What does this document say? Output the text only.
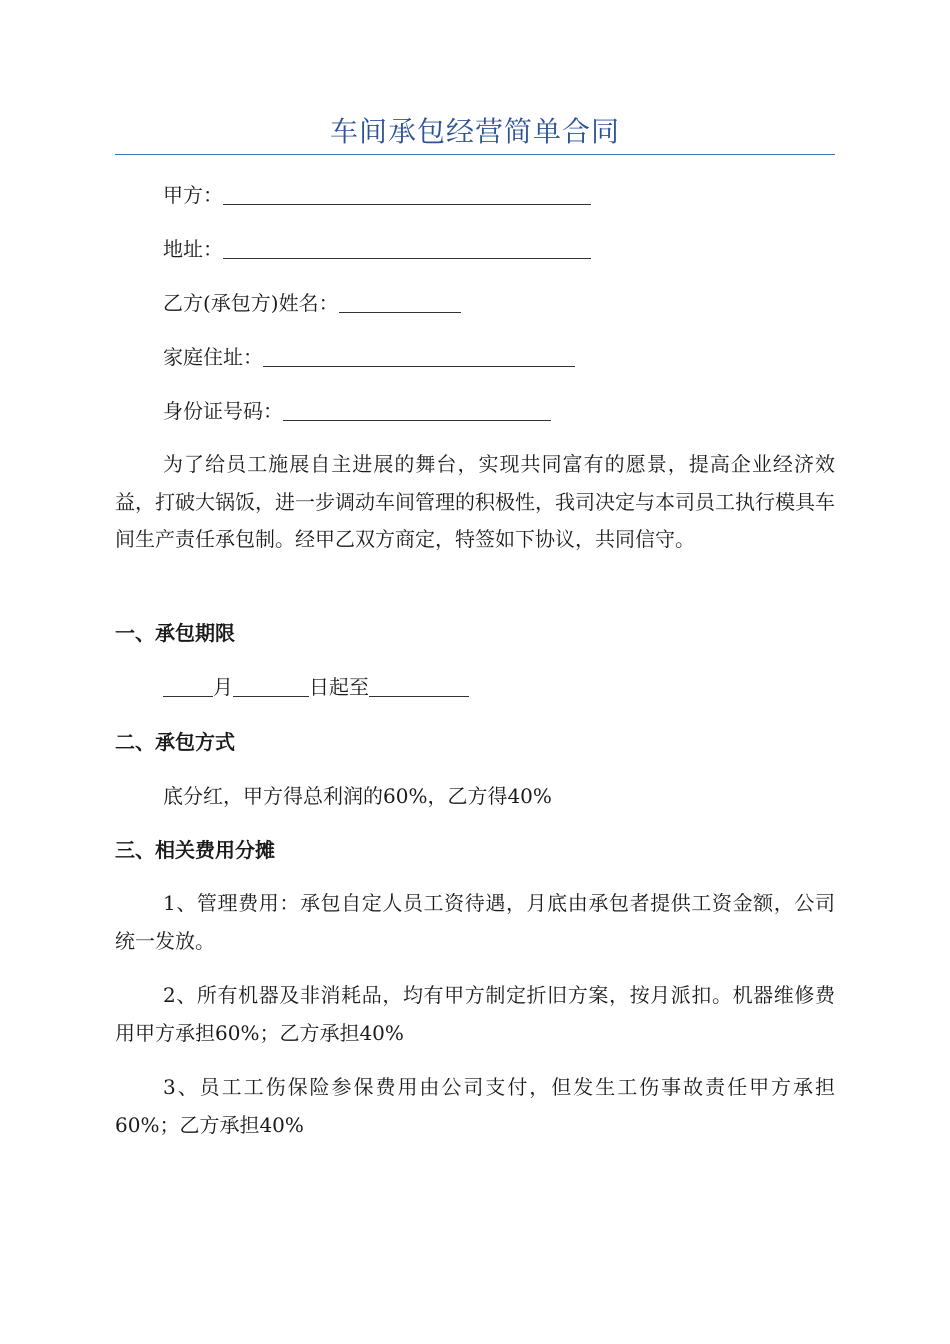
车间承包经营简单合同
甲方：
地址：
乙方(承包方)姓名：
家庭住址：
身份证号码：
为了给员工施展自主进展的舞台，实现共同富有的愿景，提高企业经济效益，打破大锅饭，进一步调动车间管理的积极性，我司决定与本司员工执行模具车间生产责任承包制。经甲乙双方商定，特签如下协议，共同信守。
一、承包期限
月	日起至
二、承包方式
底分红，甲方得总利润的60%，乙方得40%
三、相关费用分摊
1、管理费用：承包自定人员工资待遇，月底由承包者提供工资金额，公司统一发放。
2、所有机器及非消耗品，均有甲方制定折旧方案，按月派扣。机器维修费用甲方承担60%；乙方承担40%
3、员工工伤保险参保费用由公司支付，但发生工伤事故责任甲方承担60%；乙方承担40%
